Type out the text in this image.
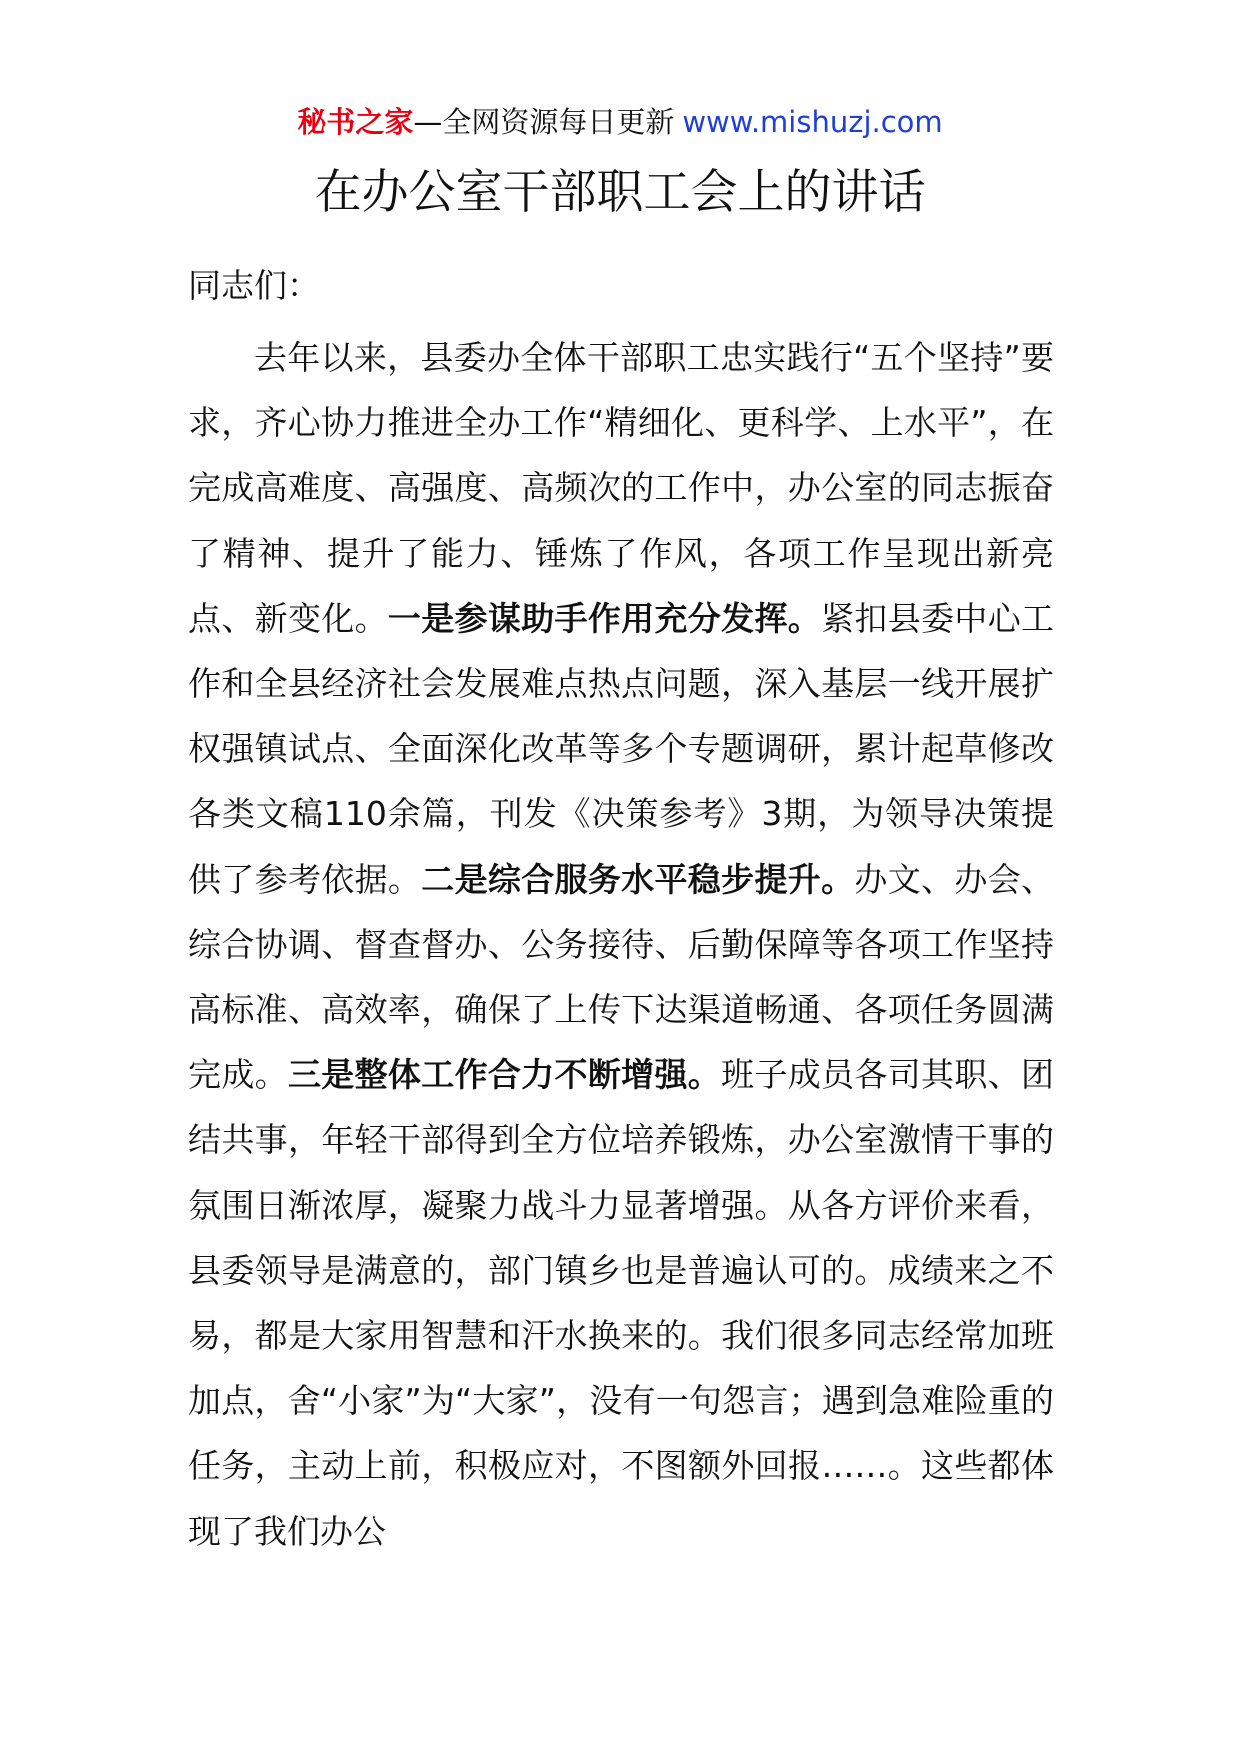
秘书之家—全网资源每日更新 www.mishuzj.com
在办公室干部职工会上的讲话

同志们：

去年以来，县委办全体干部职工忠实践行“五个坚持”要求，齐心协力推进全办工作“精细化、更科学、上水平”，在完成高难度、高强度、高频次的工作中，办公室的同志振奋了精神、提升了能力、锤炼了作风，各项工作呈现出新亮点、新变化。一是参谋助手作用充分发挥。紧扣县委中心工作和全县经济社会发展难点热点问题，深入基层一线开展扩权强镇试点、全面深化改革等多个专题调研，累计起草修改各类文稿110余篇，刊发《决策参考》3期，为领导决策提供了参考依据。二是综合服务水平稳步提升。办文、办会、综合协调、督查督办、公务接待、后勤保障等各项工作坚持高标准、高效率，确保了上传下达渠道畅通、各项任务圆满完成。三是整体工作合力不断增强。班子成员各司其职、团结共事，年轻干部得到全方位培养锻炼，办公室激情干事的氛围日渐浓厚，凝聚力战斗力显著增强。从各方评价来看，县委领导是满意的，部门镇乡也是普遍认可的。成绩来之不易，都是大家用智慧和汗水换来的。我们很多同志经常加班加点，舍“小家”为“大家”，没有一句怨言；遇到急难险重的任务，主动上前，积极应对，不图额外回报……。这些都体现了我们办公
